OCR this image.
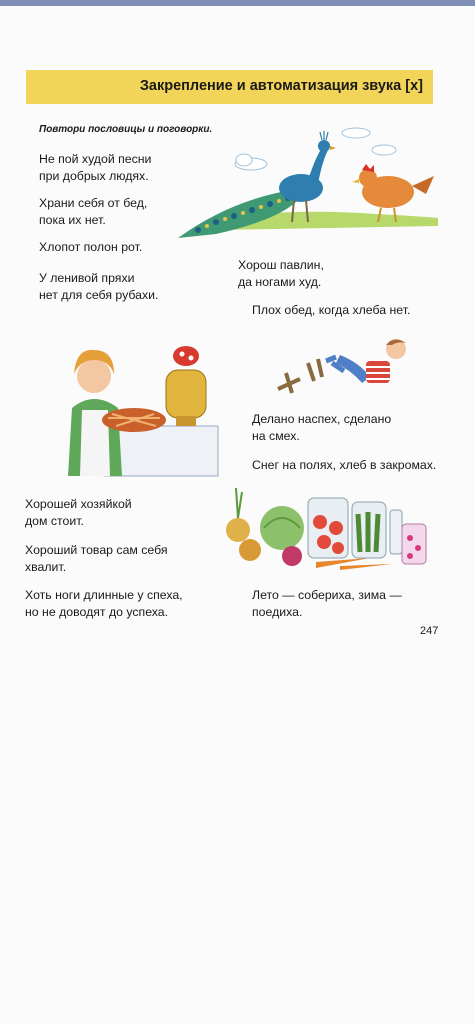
Закрепление и автоматизация звука [х]
Повтори пословицы и поговорки.
Не пой худой песни
при добрых людях.
Храни себя от бед,
пока их нет.
Хлопот полон рот.
У ленивой пряхи
нет для себя рубахи.
Хорошей хозяйкой
дом стоит.
Хороший товар сам себя
хвалит.
Хоть ноги длинные у спеха,
но не доводят до успеха.
Хорош павлин,
да ногами худ.
Плох обед, когда хлеба нет.
Делано наспех, сделано
на смех.
Снег на полях, хлеб в закромах.
Лето — собериха, зима —
поедиха.
247
